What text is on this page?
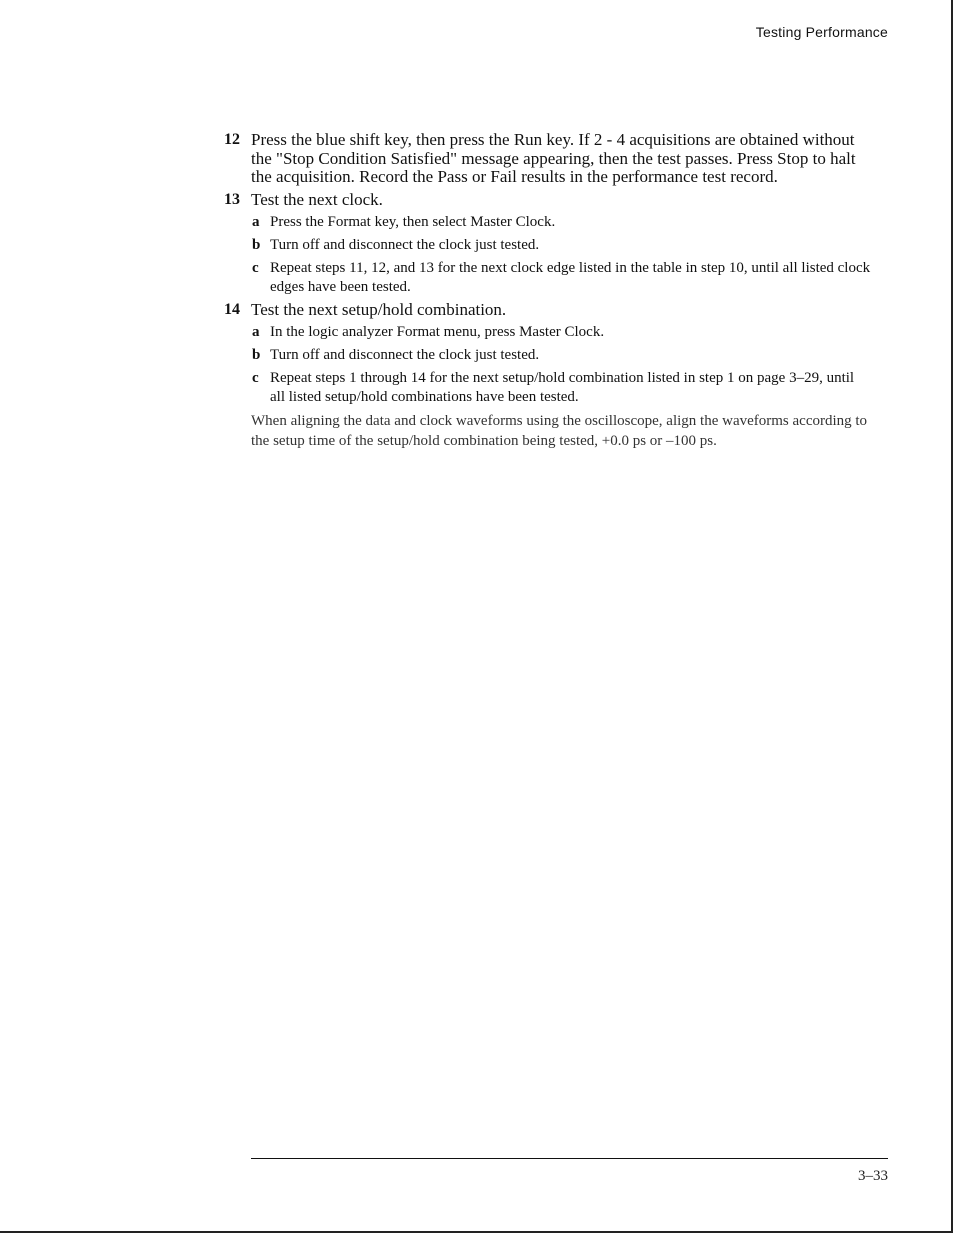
Testing Performance
12 Press the blue shift key, then press the Run key. If 2 - 4 acquisitions are obtained without the "Stop Condition Satisfied" message appearing, then the test passes. Press Stop to halt the acquisition. Record the Pass or Fail results in the performance test record.
13 Test the next clock.
a Press the Format key, then select Master Clock.
b Turn off and disconnect the clock just tested.
c Repeat steps 11, 12, and 13 for the next clock edge listed in the table in step 10, until all listed clock edges have been tested.
14 Test the next setup/hold combination.
a In the logic analyzer Format menu, press Master Clock.
b Turn off and disconnect the clock just tested.
c Repeat steps 1 through 14 for the next setup/hold combination listed in step 1 on page 3–29, until all listed setup/hold combinations have been tested.
When aligning the data and clock waveforms using the oscilloscope, align the waveforms according to the setup time of the setup/hold combination being tested, +0.0 ps or –100 ps.
3–33
